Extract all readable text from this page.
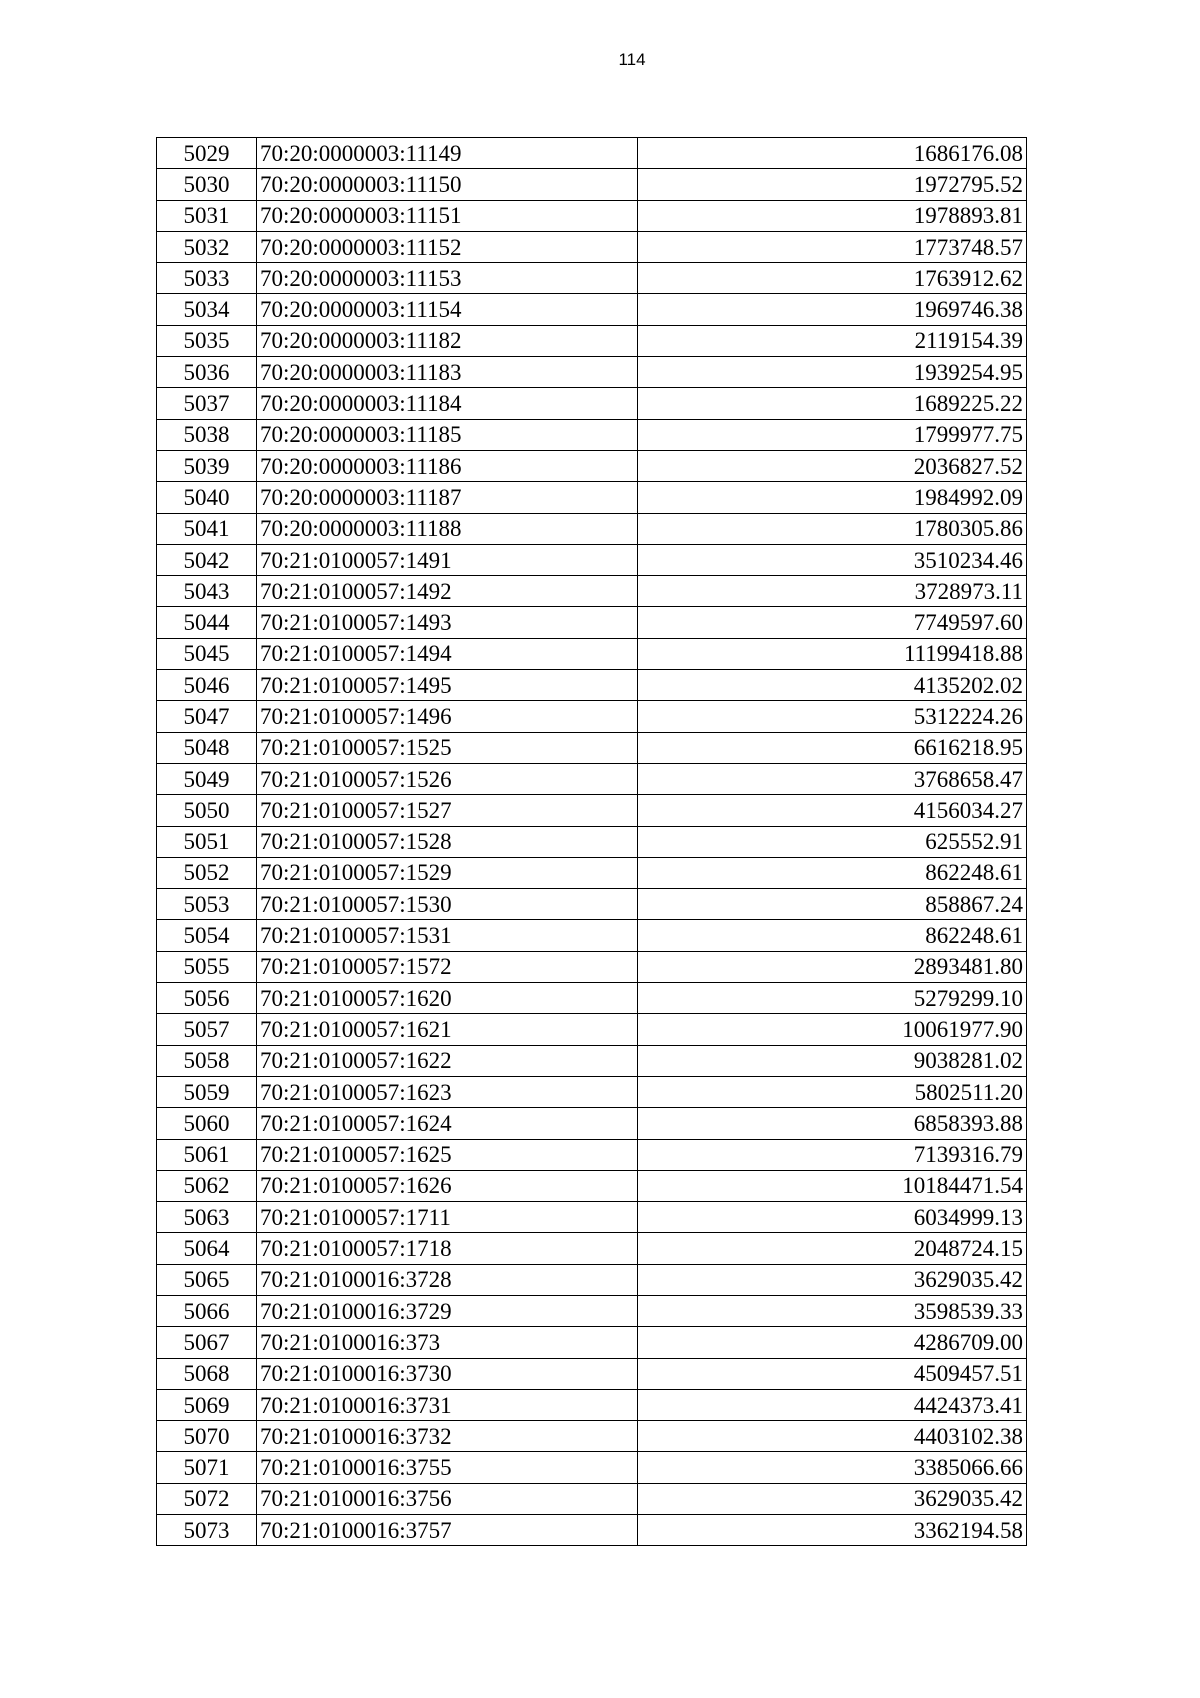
114
5029	70:20:0000003:11149	1686176.08
5030	70:20:0000003:11150	1972795.52
5031	70:20:0000003:11151	1978893.81
5032	70:20:0000003:11152	1773748.57
5033	70:20:0000003:11153	1763912.62
5034	70:20:0000003:11154	1969746.38
5035	70:20:0000003:11182	2119154.39
5036	70:20:0000003:11183	1939254.95
5037	70:20:0000003:11184	1689225.22
5038	70:20:0000003:11185	1799977.75
5039	70:20:0000003:11186	2036827.52
5040	70:20:0000003:11187	1984992.09
5041	70:20:0000003:11188	1780305.86
5042	70:21:0100057:1491	3510234.46
5043	70:21:0100057:1492	3728973.11
5044	70:21:0100057:1493	7749597.60
5045	70:21:0100057:1494	11199418.88
5046	70:21:0100057:1495	4135202.02
5047	70:21:0100057:1496	5312224.26
5048	70:21:0100057:1525	6616218.95
5049	70:21:0100057:1526	3768658.47
5050	70:21:0100057:1527	4156034.27
5051	70:21:0100057:1528	625552.91
5052	70:21:0100057:1529	862248.61
5053	70:21:0100057:1530	858867.24
5054	70:21:0100057:1531	862248.61
5055	70:21:0100057:1572	2893481.80
5056	70:21:0100057:1620	5279299.10
5057	70:21:0100057:1621	10061977.90
5058	70:21:0100057:1622	9038281.02
5059	70:21:0100057:1623	5802511.20
5060	70:21:0100057:1624	6858393.88
5061	70:21:0100057:1625	7139316.79
5062	70:21:0100057:1626	10184471.54
5063	70:21:0100057:1711	6034999.13
5064	70:21:0100057:1718	2048724.15
5065	70:21:0100016:3728	3629035.42
5066	70:21:0100016:3729	3598539.33
5067	70:21:0100016:373	4286709.00
5068	70:21:0100016:3730	4509457.51
5069	70:21:0100016:3731	4424373.41
5070	70:21:0100016:3732	4403102.38
5071	70:21:0100016:3755	3385066.66
5072	70:21:0100016:3756	3629035.42
5073	70:21:0100016:3757	3362194.58
